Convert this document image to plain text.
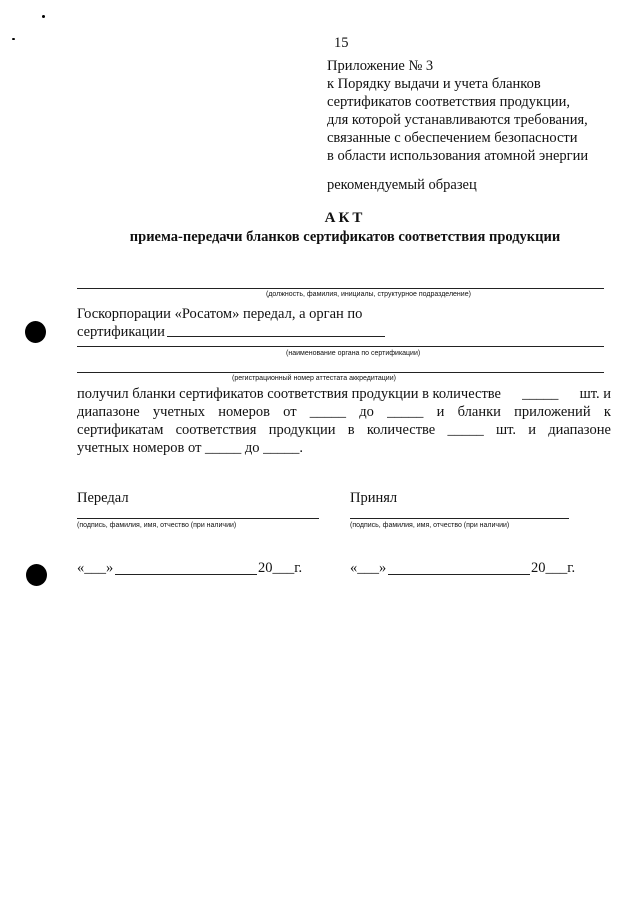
15
Приложение № 3
к Порядку выдачи и учета бланков
сертификатов соответствия продукции,
для которой устанавливаются требования,
связанные с обеспечением безопасности
в области использования атомной энергии
рекомендуемый образец
АКТ
приема-передачи бланков сертификатов соответствия продукции
(должность, фамилия, инициалы, структурное подразделение)
Госкорпорации «Росатом» передал, а орган по
сертификации
(наименование органа по сертификации)
(регистрационный номер аттестата аккредитации)
получил бланки сертификатов соответствия продукции в количестве _____ шт. и
диапазоне учетных номеров от _____ до _____ и бланки приложений к
сертификатам соответствия продукции в количестве _____ шт. и диапазоне
учетных номеров от _____ до _____.
Передал	Принял
(подпись, фамилия, имя, отчество (при наличии)	(подпись, фамилия, имя, отчество (при наличии)
«___»	20___г.	«___»	20___г.
